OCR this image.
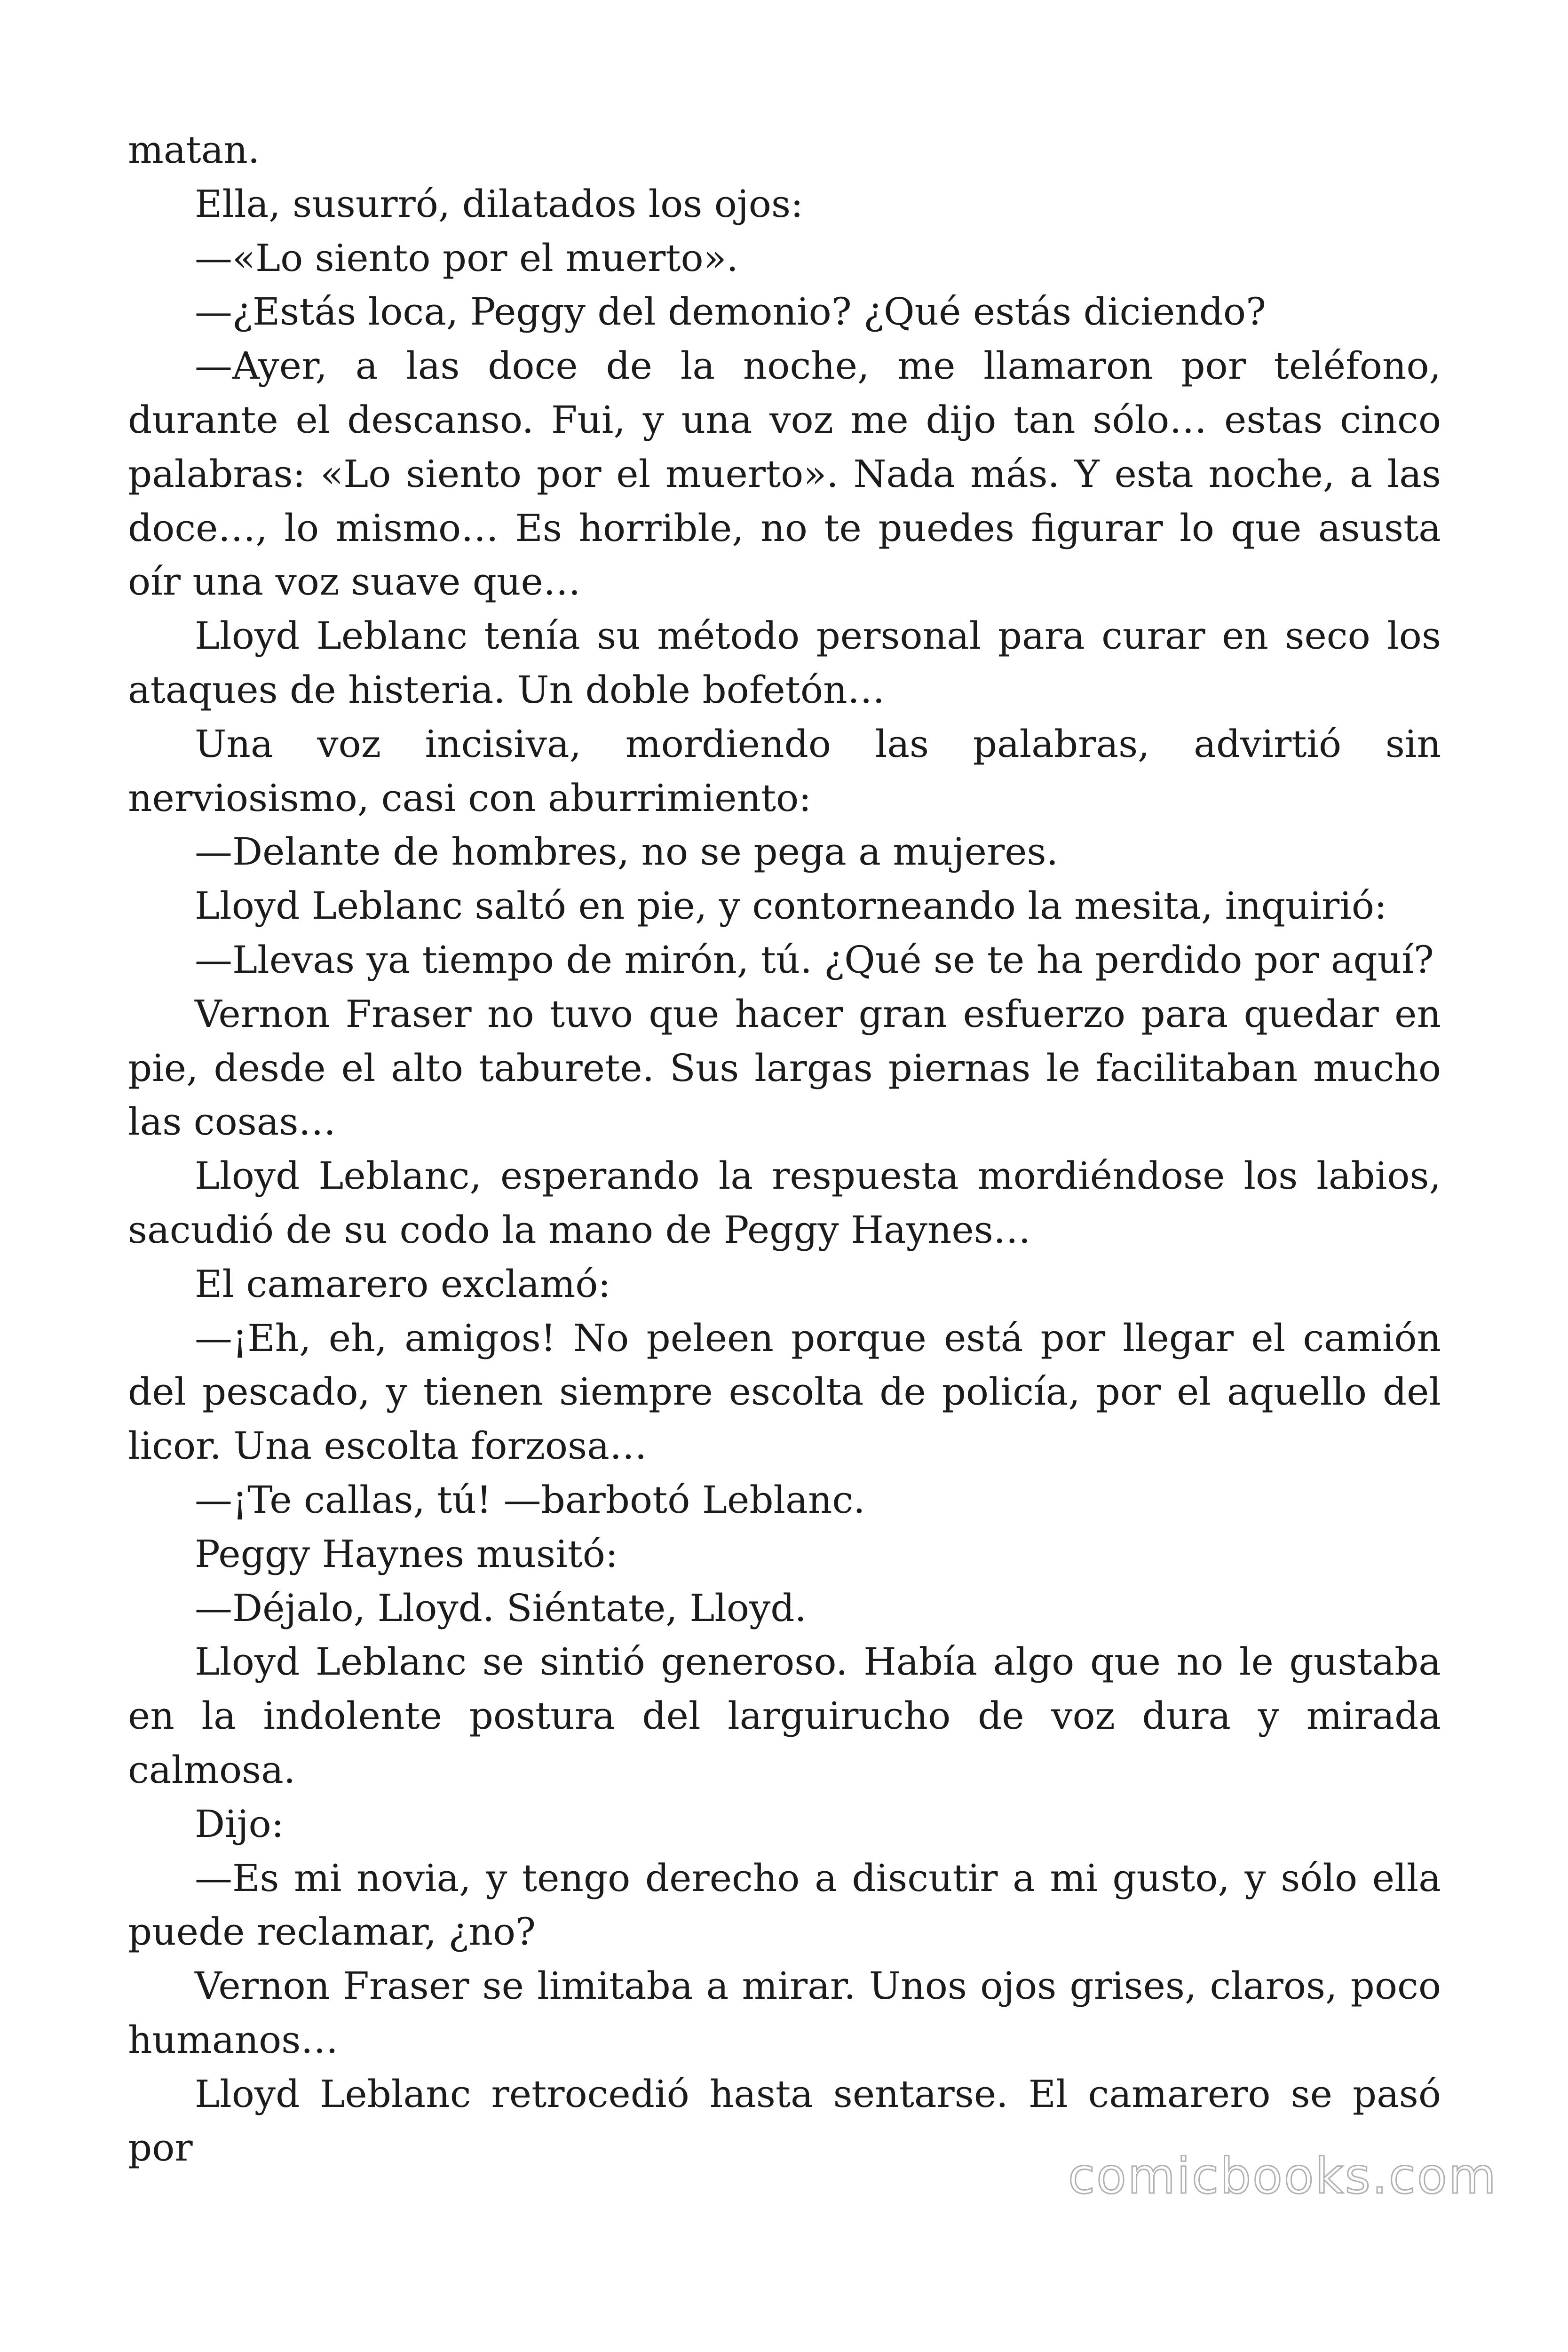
matan.

Ella, susurró, dilatados los ojos:

—«Lo siento por el muerto».

—¿Estás loca, Peggy del demonio? ¿Qué estás diciendo?

—Ayer, a las doce de la noche, me llamaron por teléfono, durante el descanso. Fui, y una voz me dijo tan sólo… estas cinco palabras: «Lo siento por el muerto». Nada más. Y esta noche, a las doce…, lo mismo… Es horrible, no te puedes figurar lo que asusta oír una voz suave que…

Lloyd Leblanc tenía su método personal para curar en seco los ataques de histeria. Un doble bofetón…

Una voz incisiva, mordiendo las palabras, advirtió sin nerviosismo, casi con aburrimiento:

—Delante de hombres, no se pega a mujeres.

Lloyd Leblanc saltó en pie, y contorneando la mesita, inquirió:

—Llevas ya tiempo de mirón, tú. ¿Qué se te ha perdido por aquí?

Vernon Fraser no tuvo que hacer gran esfuerzo para quedar en pie, desde el alto taburete. Sus largas piernas le facilitaban mucho las cosas…

Lloyd Leblanc, esperando la respuesta mordiéndose los labios, sacudió de su codo la mano de Peggy Haynes…

El camarero exclamó:

—¡Eh, eh, amigos! No peleen porque está por llegar el camión del pescado, y tienen siempre escolta de policía, por el aquello del licor. Una escolta forzosa…

—¡Te callas, tú! —barbotó Leblanc.

Peggy Haynes musitó:

—Déjalo, Lloyd. Siéntate, Lloyd.

Lloyd Leblanc se sintió generoso. Había algo que no le gustaba en la indolente postura del larguirucho de voz dura y mirada calmosa.

Dijo:

—Es mi novia, y tengo derecho a discutir a mi gusto, y sólo ella puede reclamar, ¿no?

Vernon Fraser se limitaba a mirar. Unos ojos grises, claros, poco humanos…

Lloyd Leblanc retrocedió hasta sentarse. El camarero se pasó por	comicbooks.com
